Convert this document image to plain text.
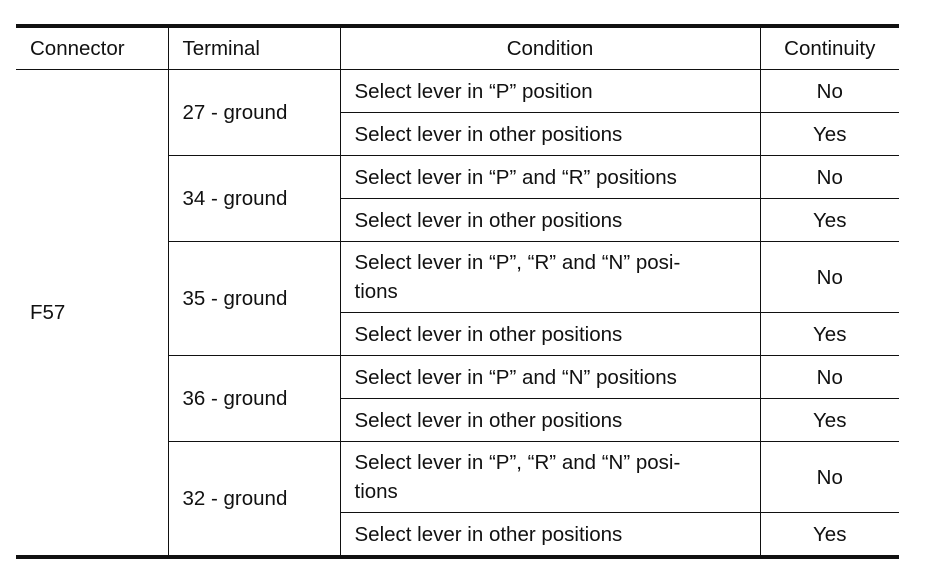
Connector	Terminal	Condition	Continuity
F57	27 - ground	Select lever in “P” position	No
		Select lever in other positions	Yes
	34 - ground	Select lever in “P” and “R” positions	No
		Select lever in other positions	Yes
	35 - ground	Select lever in “P”, “R” and “N” posi-
tions	No
		Select lever in other positions	Yes
	36 - ground	Select lever in “P” and “N” positions	No
		Select lever in other positions	Yes
	32 - ground	Select lever in “P”, “R” and “N” posi-
tions	No
		Select lever in other positions	Yes
